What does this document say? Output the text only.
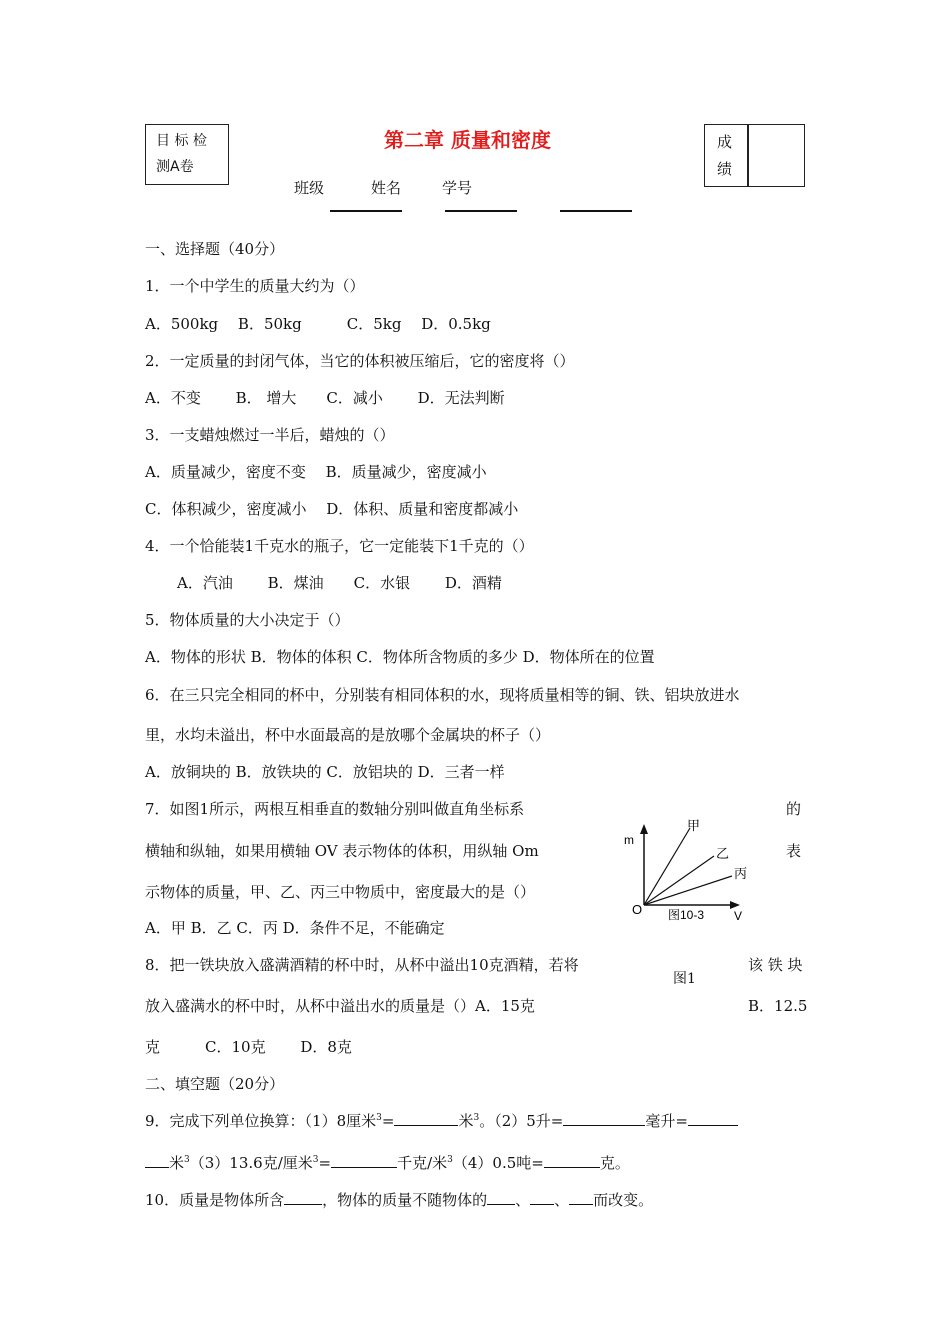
目 标 检
测A卷
第二章 质量和密度	成
绩
班级	姓名	学号
一、选择题（40分）
1．一个中学生的质量大约为（）
A．500kg　 B．50kg　　　C．5kg　 D．0.5kg
2．一定质量的封闭气体，当它的体积被压缩后，它的密度将（）
A．不变　　 B． 增大　　C．减小　　 D．无法判断
3．一支蜡烛燃过一半后，蜡烛的（）
A．质量减少，密度不变　 B．质量减少，密度减小
C．体积减少，密度减小　 D．体积、质量和密度都减小
4．一个恰能装1千克水的瓶子，它一定能装下1千克的（）
A．汽油　　 B．煤油　　C．水银　　 D．酒精
5．物体质量的大小决定于（）
A．物体的形状 B．物体的体积 C．物体所含物质的多少 D．物体所在的位置
6．在三只完全相同的杯中，分别装有相同体积的水，现将质量相等的铜、铁、铝块放进水
里，水均未溢出，杯中水面最高的是放哪个金属块的杯子（）
A．放铜块的 B．放铁块的 C．放铝块的 D．三者一样
7．如图1所示，两根互相垂直的数轴分别叫做直角坐标系	的
横轴和纵轴，如果用横轴 OV 表示物体的体积，用纵轴 Om	表
示物体的质量，甲、乙、丙三中物质中，密度最大的是（）
A．甲 B．乙 C．丙 D．条件不足，不能确定
8．把一铁块放入盛满酒精的杯中时，从杯中溢出10克酒精，若将	该 铁 块
图1
放入盛满水的杯中时，从杯中溢出水的质量是（）A．15克	B．12.5
克　　　C．10克　　 D．8克
m
O	V
甲
乙
丙
图10-3
二、填空题（20分）
9．完成下列单位换算：（1）8厘米$^3$=	米$^3$。（2）5升=	毫升=
米$^3$（3）13.6克/厘米$^3$=	千克/米$^3$（4）0.5吨=	克。
10．质量是物体所含	，物体的质量不随物体的 、 、 而改变。
